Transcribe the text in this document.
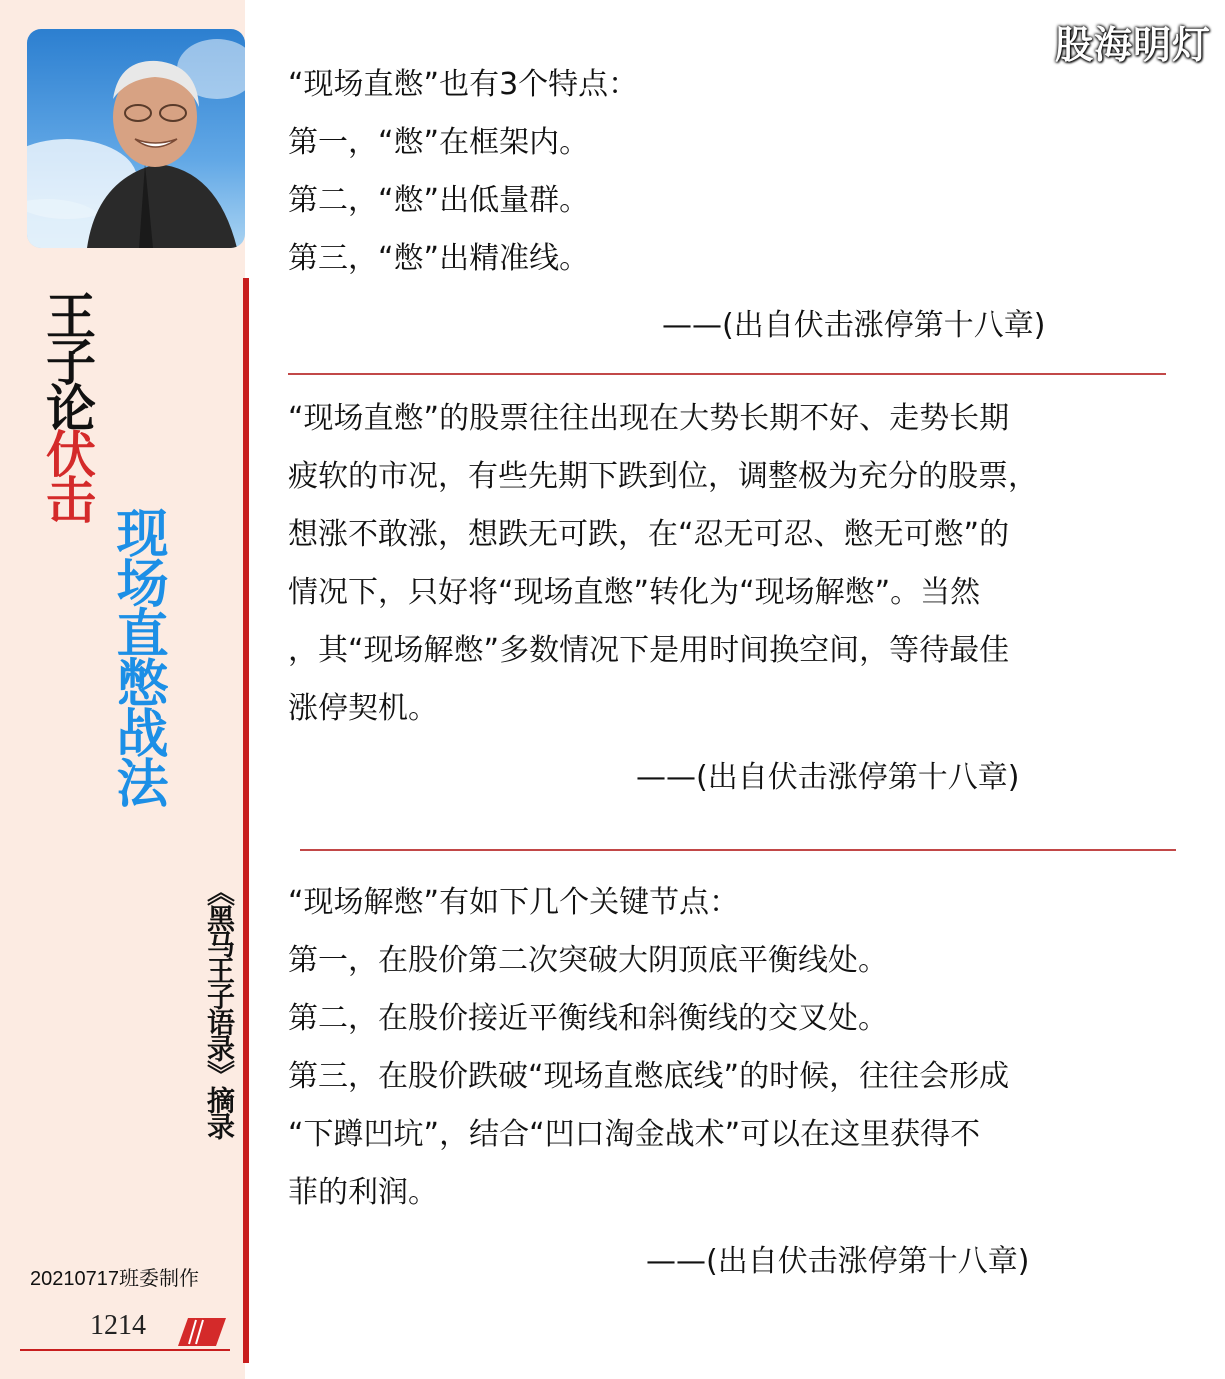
王子论伏击
现场直憋战法
《黑马王子语录》摘录
20210717班委制作
1214
股海明灯

“现场直憋”也有3个特点：

第一，“憋”在框架内。

第二，“憋”出低量群。

第三，“憋”出精准线。

——(出自伏击涨停第十八章)

“现场直憋”的股票往往出现在大势长期不好、走势长期

疲软的市况，有些先期下跌到位，调整极为充分的股票，

想涨不敢涨，想跌无可跌，在“忍无可忍、憋无可憋”的

情况下，只好将“现场直憋”转化为“现场解憋”。当然

，其“现场解憋”多数情况下是用时间换空间，等待最佳

涨停契机。

——(出自伏击涨停第十八章)

“现场解憋”有如下几个关键节点：

第一，在股价第二次突破大阴顶底平衡线处。

第二，在股价接近平衡线和斜衡线的交叉处。

第三，在股价跌破“现场直憋底线”的时候，往往会形成

“下蹲凹坑”，结合“凹口淘金战术”可以在这里获得不

菲的利润。

——(出自伏击涨停第十八章)
